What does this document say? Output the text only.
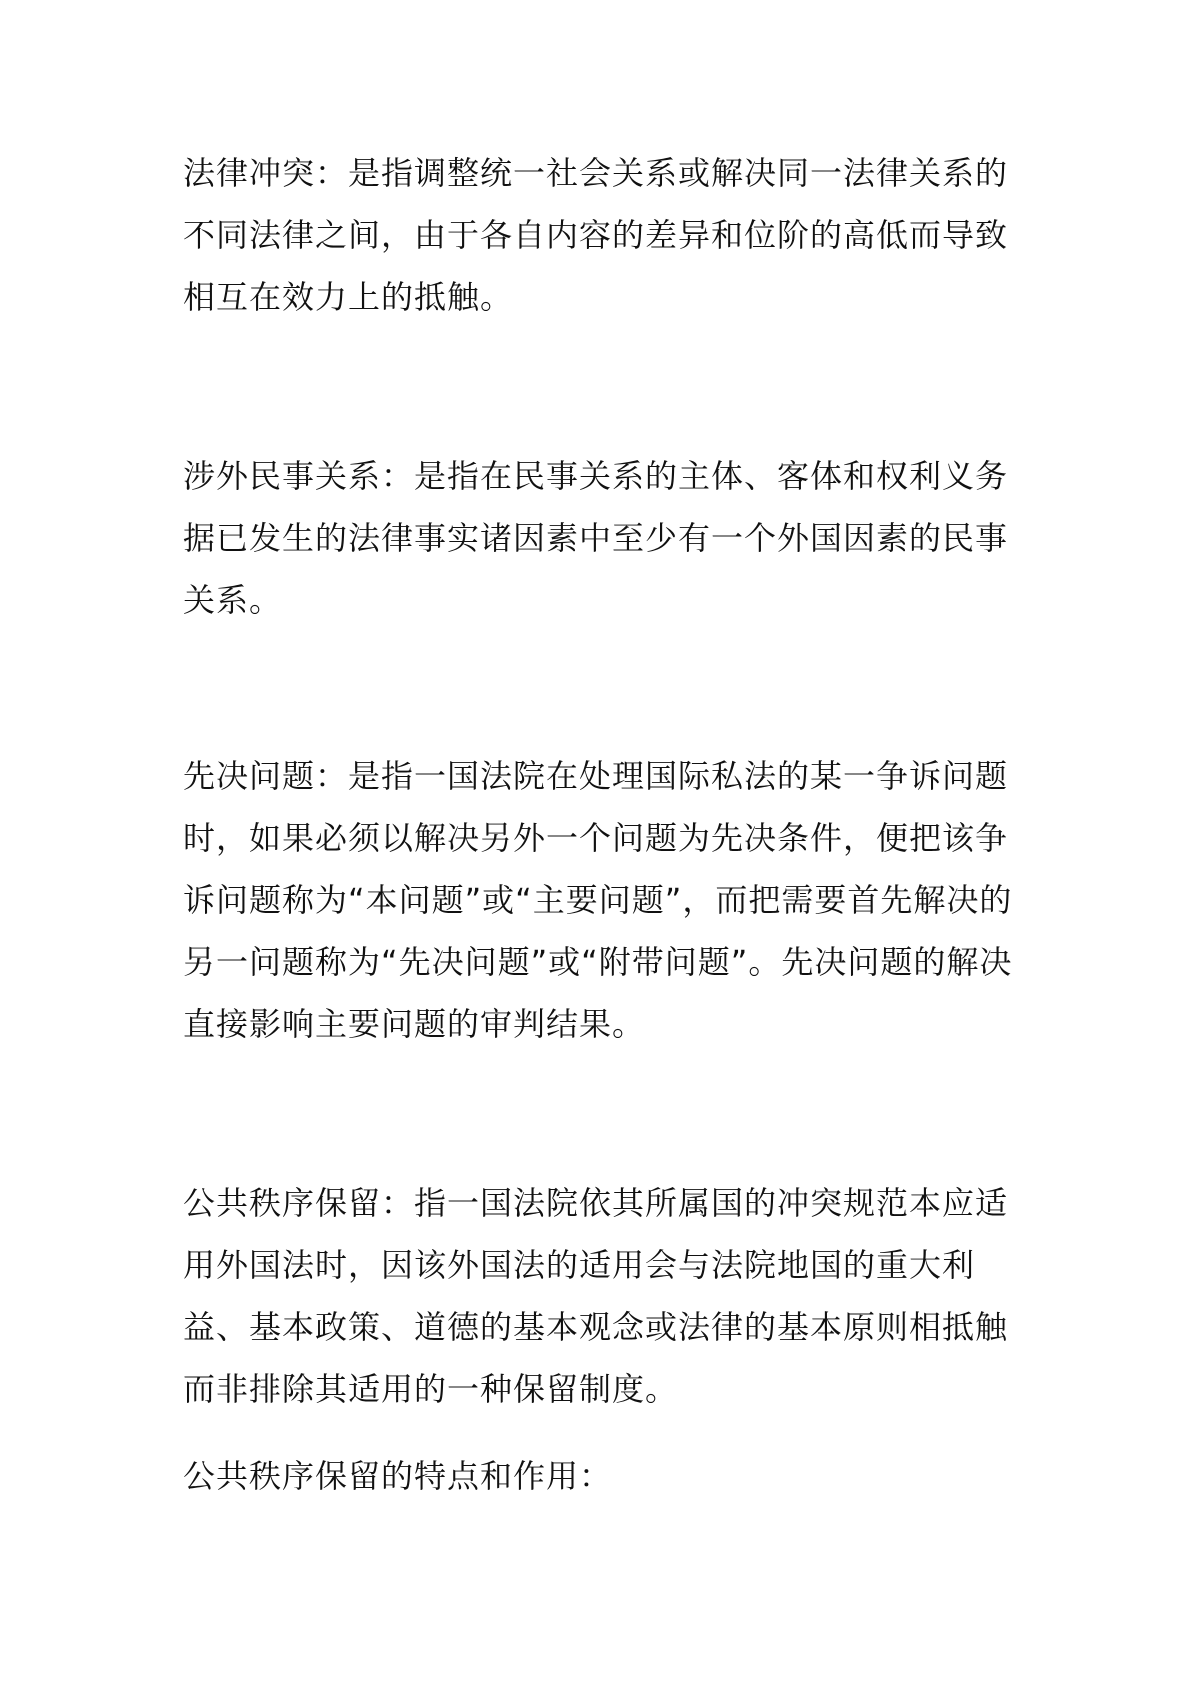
法律冲突：是指调整统一社会关系或解决同一法律关系的不同法律之间，由于各自内容的差异和位阶的高低而导致相互在效力上的抵触。

涉外民事关系：是指在民事关系的主体、客体和权利义务据已发生的法律事实诸因素中至少有一个外国因素的民事关系。

先决问题：是指一国法院在处理国际私法的某一争诉问题时，如果必须以解决另外一个问题为先决条件，便把该争诉问题称为“本问题”或“主要问题”，而把需要首先解决的另一问题称为“先决问题”或“附带问题”。先决问题的解决直接影响主要问题的审判结果。

公共秩序保留：指一国法院依其所属国的冲突规范本应适用外国法时，因该外国法的适用会与法院地国的重大利益、基本政策、道德的基本观念或法律的基本原则相抵触而非排除其适用的一种保留制度。

公共秩序保留的特点和作用：
